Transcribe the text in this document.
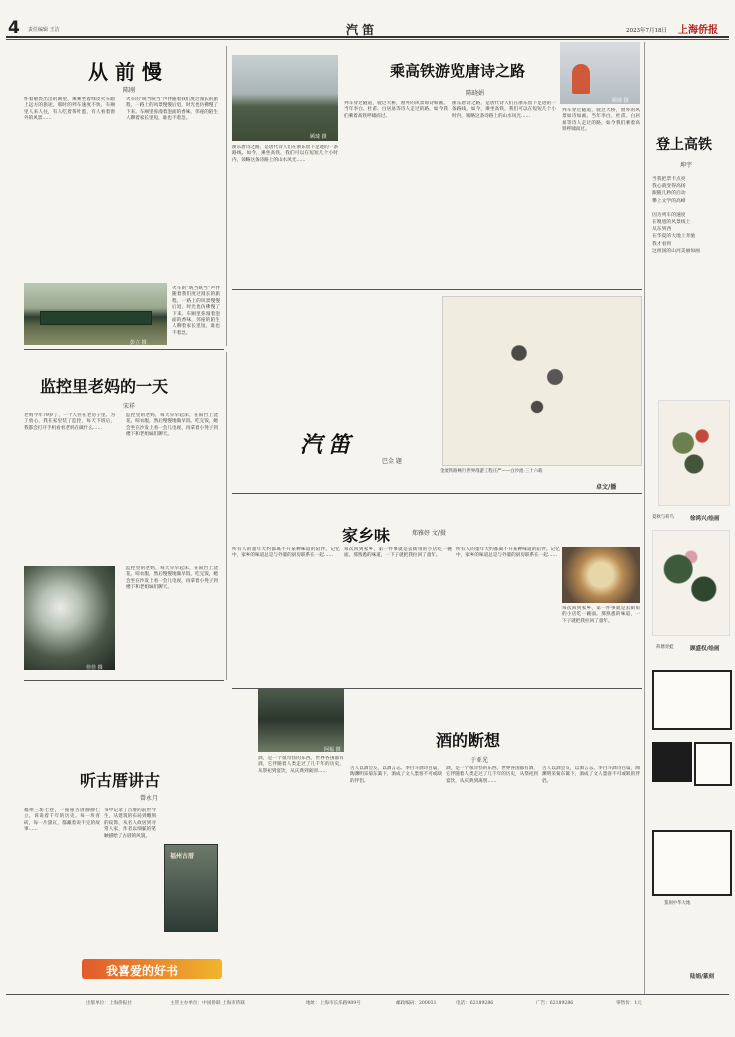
4 责任编辑 王洁	汽 笛	2023年7月18日 上海侨报
从 前 慢
陈刚
怀着敬畏出出的期望，乘乘坐着绿皮火车踏上远方的旅途。那时的列车速度不快，车厢里人来人往，有人吃着茶叶蛋，有人看着窗外的风景……
火车的“咣当咣当”声伴随着我们度过漫长的旅程，一路上的风景慢慢后退，时光也仿佛慢了下来。车厢里弥漫着泡面的香味，邻座的陌生人聊着家长里短，谁也不着急。
彭立 摄
火车的“咣当咣当”声伴随着我们度过漫长的旅程，一路上的风景慢慢后退，时光也仿佛慢了下来。车厢里弥漫着泡面的香味，邻座的陌生人聊着家长里短，谁也不着急。
监控里老妈的一天
宋祥
老妈今年79岁了，一个人住在老房子里。为了放心，我在家里装了监控，每天下班后，我都会打开手机看看老妈在做什么……
监控里的老妈，每天早早起床，在阳台上浇花、晾衣服，然后慢慢地做早饭。吃完饭，她会坐在沙发上看一会儿电视，再拿着小凳子到楼下和老姐妹们聊天。
佳佳 摄
监控里的老妈，每天早早起床，在阳台上浇花、晾衣服，然后慢慢地做早饭。吃完饭，她会坐在沙发上看一会儿电视，再拿着小凳子到楼下和老姐妹们聊天。
听古厝讲古
曾永月
福州三坊七巷，一座座古厝静静伫立，诉说着千年的历史。每一块青砖，每一片黛瓦，都藏着说不完的故事……
书中记录了古厝的前世今生，从建筑的布局到雕刻的纹饰，从名人故居到寻常人家，作者以细腻的笔触描绘了古厝的风貌。
福州古厝
阿福 摄
我喜爱的好书
乘高铁游览唐诗之路
陈晓娟
顾琦 摄
浙东唐诗之路，是唐代诗人们在浙东留下足迹的一条路线。如今，乘坐高铁，我们可以在短短几个小时内，领略这条诗路上的山水风光……
列车穿过隧道，驶过大桥，窗外的风景如诗如画。当年李白、杜甫、白居易等诗人走过的路，如今我们乘着高铁呼啸而过。
浙东唐诗之路，是唐代诗人们在浙东留下足迹的一条路线。如今，乘坐高铁，我们可以在短短几个小时内，领略这条诗路上的山水风光……
顾琦 摄
列车穿过隧道，驶过大桥，窗外的风景如诗如画。当年李白、杜甫、白居易等诗人走过的路，如今我们乘着高铁呼啸而过。
汽笛
巴金 题
金流铁路畅行世界漫游工程庄严——白沙流·三十六载
卓文/播
家乡味	郑雅妤 文/摄
所有人的童年大约都离不开某种味道的陪伴。记忆中，家乡的味道总是与外婆的厨房联系在一起……
每次回到家乡，第一件事就是去街角的小店吃一碗面。那熟悉的味道，一下子就把我拉回了童年。
所有人的童年大约都离不开某种味道的陪伴。记忆中，家乡的味道总是与外婆的厨房联系在一起……
每次回到家乡，第一件事就是去街角的小店吃一碗面。那熟悉的味道，一下子就把我拉回了童年。
酒的断想
于亚光
酒，是一个很奇怪的东西。世界各国都有酒，它伴随着人类走过了几千年的历史，从祭祀到宴饮，从庆典到离别……
古人以酒会友，以酒言志。李白斗酒诗百篇，陶渊明采菊东篱下，酒成了文人墨客不可或缺的伴侣。
酒，是一个很奇怪的东西。世界各国都有酒，它伴随着人类走过了几千年的历史，从祭祀到宴饮，从庆典到离别……
古人以酒会友，以酒言志。李白斗酒诗百篇，陶渊明采菊东篱下，酒成了文人墨客不可或缺的伴侣。
登上高铁
坤宇
当我把票卡点亮
我心就变得高扬
跟随几秒的启动
攀上文学的高峰
因为列车的速度
在嗅旭的风景线上
从东到西
在华夏的大地上奔驰
我才看到
这祖国的山河美丽如画
夏秋与荷鸟	徐鸿兴/绘画
荷塘青蛙	顾盛权/绘画
篆刻中华大地
陆娟/篆刻
出版单位：上海侨报社	主管主办单位：中国侨联 上海市侨联	地址：上海市长乐路989号	邮政编码：200031	电话：62189286	广告：62189286	零售价：1元
